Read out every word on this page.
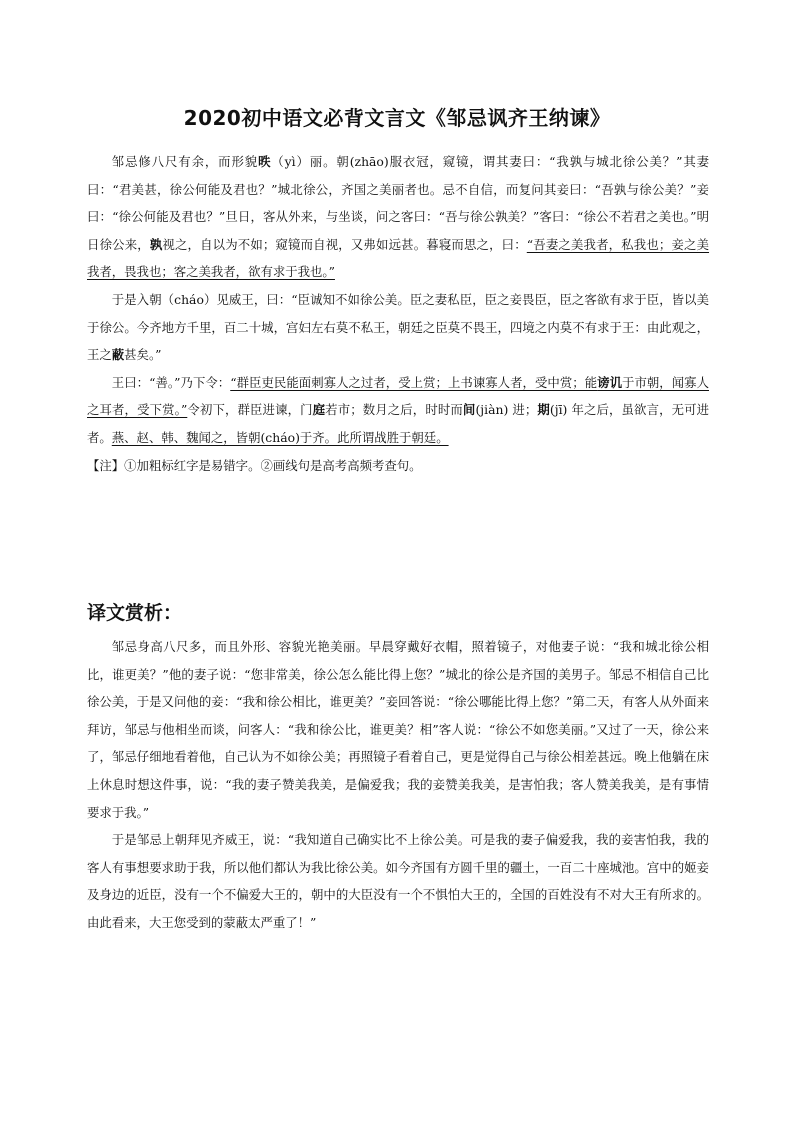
2020初中语文必背文言文《邹忌讽齐王纳谏》

邹忌修八尺有余，而形貌昳（yì）丽。朝(zhāo)服衣冠，窥镜，谓其妻曰：“我孰与城北徐公美？”其妻曰：“君美甚，徐公何能及君也？”城北徐公，齐国之美丽者也。忌不自信，而复问其妾曰：“吾孰与徐公美？”妾曰：“徐公何能及君也？”旦日，客从外来，与坐谈，问之客曰：“吾与徐公孰美？”客曰：“徐公不若君之美也。”明日徐公来，孰视之，自以为不如；窥镜而自视，又弗如远甚。暮寝而思之，曰：“吾妻之美我者，私我也；妾之美我者，畏我也；客之美我者，欲有求于我也。”

于是入朝（cháo）见威王，曰：“臣诚知不如徐公美。臣之妻私臣，臣之妾畏臣，臣之客欲有求于臣，皆以美于徐公。今齐地方千里，百二十城，宫妇左右莫不私王，朝廷之臣莫不畏王，四境之内莫不有求于王：由此观之，王之蔽甚矣。”

王曰：“善。”乃下令：“群臣吏民能面刺寡人之过者，受上赏；上书谏寡人者，受中赏；能谤讥于市朝，闻寡人之耳者，受下赏。”令初下，群臣进谏，门庭若市；数月之后，时时而间(jiàn) 进；期(jī) 年之后，虽欲言，无可进者。燕、赵、韩、魏闻之，皆朝(cháo)于齐。此所谓战胜于朝廷。

【注】①加粗标红字是易错字。②画线句是高考高频考查句。

译文赏析：

邹忌身高八尺多，而且外形、容貌光艳美丽。早晨穿戴好衣帽，照着镜子，对他妻子说：“我和城北徐公相比，谁更美？”他的妻子说：“您非常美，徐公怎么能比得上您？”城北的徐公是齐国的美男子。邹忌不相信自己比徐公美，于是又问他的妾：“我和徐公相比，谁更美？”妾回答说：“徐公哪能比得上您？”第二天，有客人从外面来拜访，邹忌与他相坐而谈，问客人：“我和徐公比，谁更美？相”客人说：“徐公不如您美丽。”又过了一天，徐公来了，邹忌仔细地看着他，自己认为不如徐公美；再照镜子看着自己，更是觉得自己与徐公相差甚远。晚上他躺在床上休息时想这件事，说：“我的妻子赞美我美，是偏爱我；我的妾赞美我美，是害怕我；客人赞美我美，是有事情要求于我。”

于是邹忌上朝拜见齐威王，说：“我知道自己确实比不上徐公美。可是我的妻子偏爱我，我的妾害怕我，我的客人有事想要求助于我，所以他们都认为我比徐公美。如今齐国有方圆千里的疆土，一百二十座城池。宫中的姬妾及身边的近臣，没有一个不偏爱大王的，朝中的大臣没有一个不惧怕大王的，全国的百姓没有不对大王有所求的。由此看来，大王您受到的蒙蔽太严重了！”
